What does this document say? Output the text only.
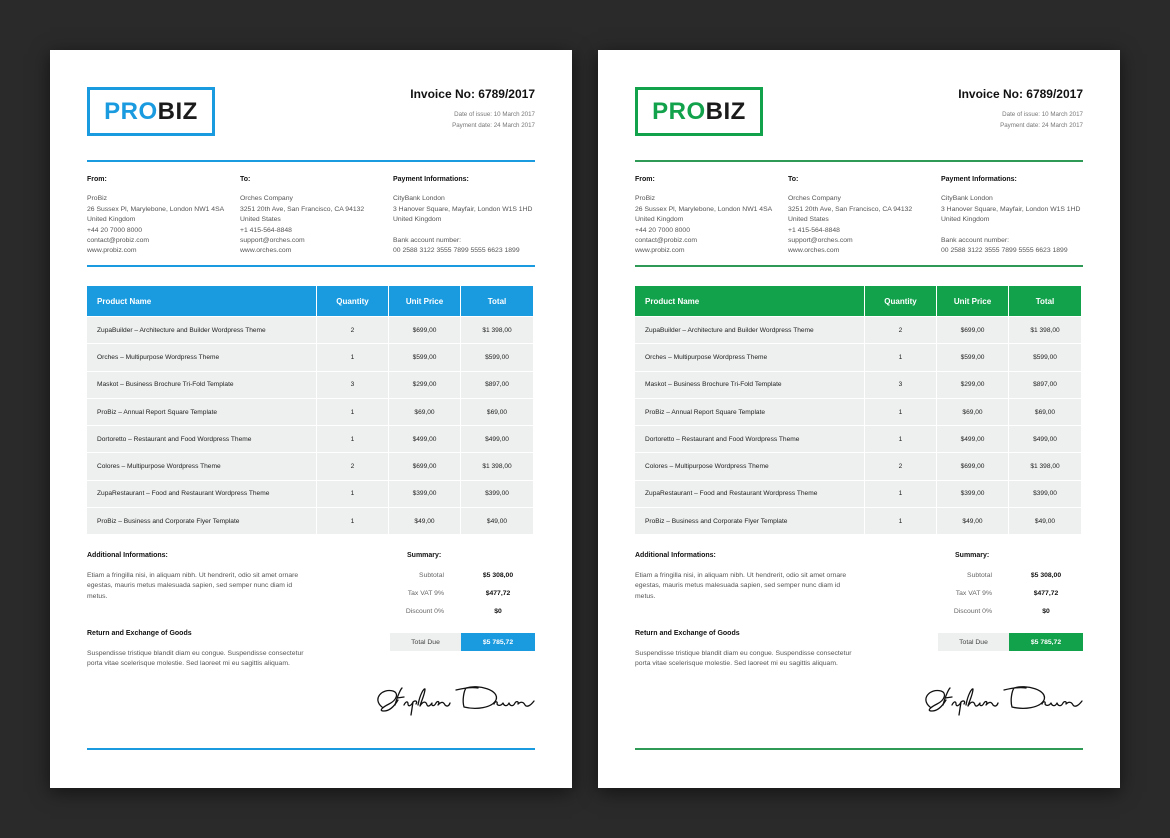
PRO BIZ
Invoice No: 6789/2017
Date of issue: 10 March 2017
Payment date: 24 March 2017
From:
ProBiz
26 Sussex Pl, Marylebone, London NW1 4SA
United Kingdom
+44 20 7000 8000
contact@probiz.com
www.probiz.com
To:
Orches Company
3251 20th Ave, San Francisco, CA 94132
United States
+1 415-564-8848
support@orches.com
www.orches.com
Payment Informations:
CityBank London
3 Hanover Square, Mayfair, London W1S 1HD
United Kingdom
Bank account number:
00 2588 3122 3555 7899 5555 6623 1899
Product Name	Quantity	Unit Price	Total
ZupaBuilder – Architecture and Builder Wordpress Theme	2	$699,00	$1 398,00
Orches – Multipurpose Wordpress Theme	1	$599,00	$599,00
Maskot – Business Brochure Tri-Fold Template	3	$299,00	$897,00
ProBiz – Annual Report Square Template	1	$69,00	$69,00
Dortoretto – Restaurant and Food Wordpress Theme	1	$499,00	$499,00
Colores – Multipurpose Wordpress Theme	2	$699,00	$1 398,00
ZupaRestaurant – Food and Restaurant Wordpress Theme	1	$399,00	$399,00
ProBiz – Business and Corporate Flyer Template	1	$49,00	$49,00
Additional Informations:
Etiam a fringilla nisi, in aliquam nibh. Ut hendrerit, odio sit amet ornare egestas, mauris metus malesuada sapien, sed semper nunc diam id metus.
Return and Exchange of Goods
Suspendisse tristique blandit diam eu congue. Suspendisse consectetur porta vitae scelerisque molestie. Sed laoreet mi eu sagittis aliquam.
Summary:
Subtotal	$5 308,00
Tax VAT 9%	$477,72
Discount 0%	$0
Total Due	$5 785,72
PRO BIZ
Invoice No: 6789/2017
Date of issue: 10 March 2017
Payment date: 24 March 2017
From:
ProBiz
26 Sussex Pl, Marylebone, London NW1 4SA
United Kingdom
+44 20 7000 8000
contact@probiz.com
www.probiz.com
To:
Orches Company
3251 20th Ave, San Francisco, CA 94132
United States
+1 415-564-8848
support@orches.com
www.orches.com
Payment Informations:
CityBank London
3 Hanover Square, Mayfair, London W1S 1HD
United Kingdom
Bank account number:
00 2588 3122 3555 7899 5555 6623 1899
Product Name	Quantity	Unit Price	Total
ZupaBuilder – Architecture and Builder Wordpress Theme	2	$699,00	$1 398,00
Orches – Multipurpose Wordpress Theme	1	$599,00	$599,00
Maskot – Business Brochure Tri-Fold Template	3	$299,00	$897,00
ProBiz – Annual Report Square Template	1	$69,00	$69,00
Dortoretto – Restaurant and Food Wordpress Theme	1	$499,00	$499,00
Colores – Multipurpose Wordpress Theme	2	$699,00	$1 398,00
ZupaRestaurant – Food and Restaurant Wordpress Theme	1	$399,00	$399,00
ProBiz – Business and Corporate Flyer Template	1	$49,00	$49,00
Additional Informations:
Etiam a fringilla nisi, in aliquam nibh. Ut hendrerit, odio sit amet ornare egestas, mauris metus malesuada sapien, sed semper nunc diam id metus.
Return and Exchange of Goods
Suspendisse tristique blandit diam eu congue. Suspendisse consectetur porta vitae scelerisque molestie. Sed laoreet mi eu sagittis aliquam.
Summary:
Subtotal	$5 308,00
Tax VAT 9%	$477,72
Discount 0%	$0
Total Due	$5 785,72
